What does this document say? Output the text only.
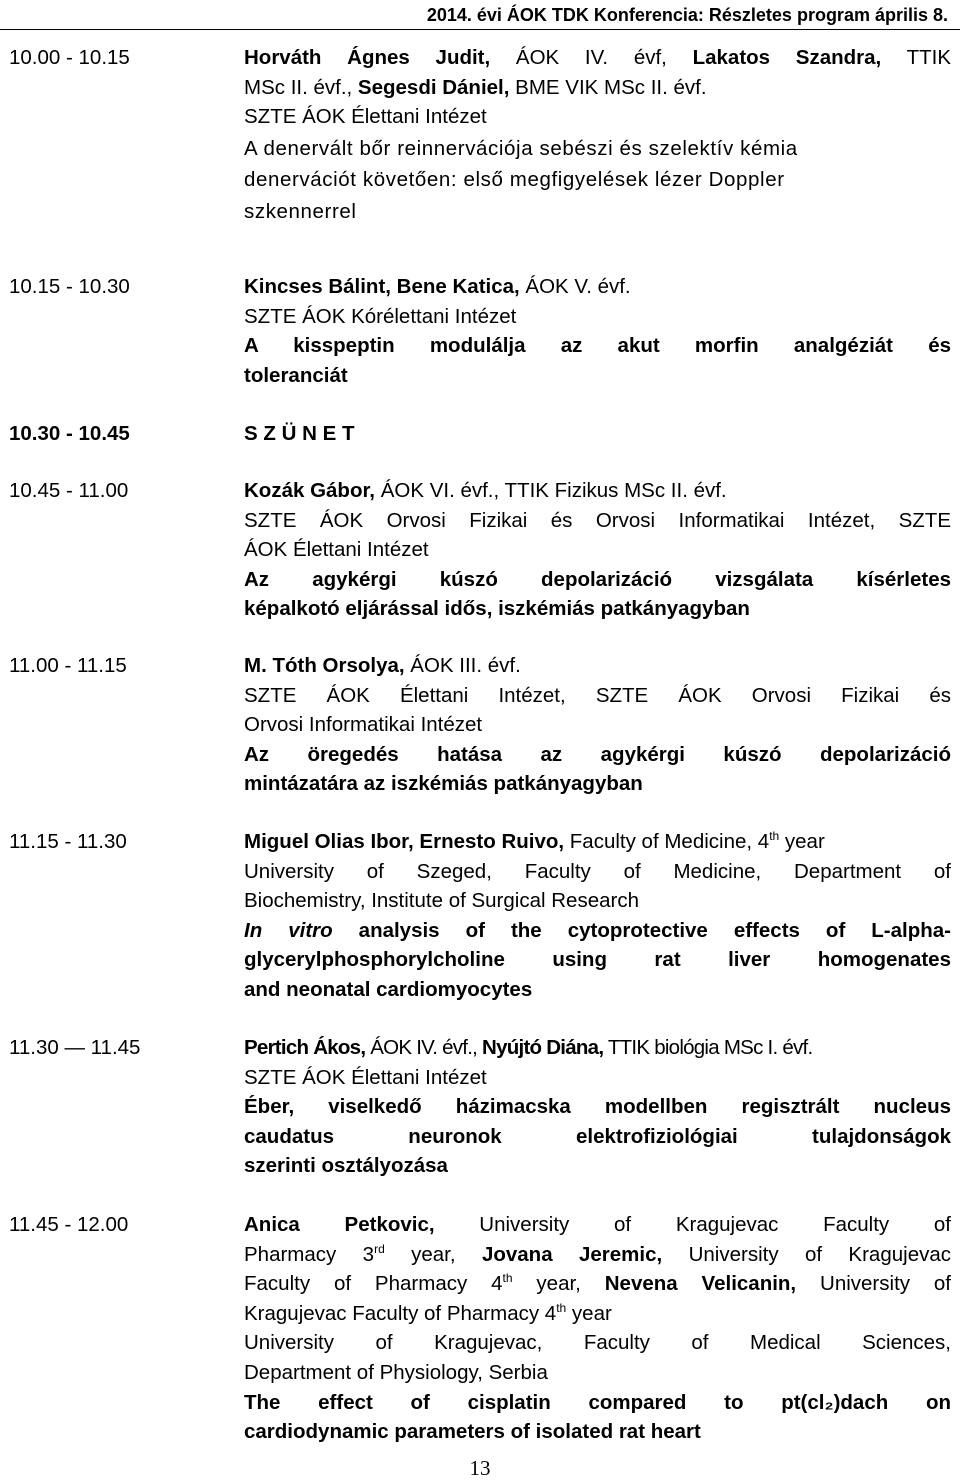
2014. évi ÁOK TDK Konferencia: Részletes program április 8.
10.00 - 10.15	Horváth Ágnes Judit, ÁOK IV. évf, Lakatos Szandra, TTIK
MSc II. évf., Segesdi Dániel, BME VIK MSc II. évf.
SZTE ÁOK Élettani Intézet
A denervált bőr reinnervációja sebészi és szelektív kémia
denervációt követően: első megfigyelések lézer Doppler
szkennerrel
10.15 - 10.30	Kincses Bálint, Bene Katica, ÁOK V. évf.
SZTE ÁOK Kórélettani Intézet
A kisspeptin modulálja az akut morfin analgéziát és
toleranciát
10.30 - 10.45	S Z Ü N E T
10.45 - 11.00	Kozák Gábor, ÁOK VI. évf., TTIK Fizikus MSc II. évf.
SZTE ÁOK Orvosi Fizikai és Orvosi Informatikai Intézet, SZTE
ÁOK Élettani Intézet
Az agykérgi kúszó depolarizáció vizsgálata kísérletes
képalkotó eljárással idős, iszkémiás patkányagyban
11.00 - 11.15	M. Tóth Orsolya, ÁOK III. évf.
SZTE ÁOK Élettani Intézet, SZTE ÁOK Orvosi Fizikai és
Orvosi Informatikai Intézet
Az öregedés hatása az agykérgi kúszó depolarizáció
mintázatára az iszkémiás patkányagyban
11.15 - 11.30	Miguel Olias Ibor, Ernesto Ruivo, Faculty of Medicine, 4th year
University of Szeged, Faculty of Medicine, Department of
Biochemistry, Institute of Surgical Research
In vitro analysis of the cytoprotective effects of L-alpha-
glycerylphosphorylcholine using rat liver homogenates
and neonatal cardiomyocytes
11.30 — 11.45	Pertich Ákos, ÁOK IV. évf., Nyújtó Diána, TTIK biológia MSc I. évf.
SZTE ÁOK Élettani Intézet
Éber, viselkedő házimacska modellben regisztrált nucleus
caudatus neuronok elektrofiziológiai tulajdonságok
szerinti osztályozása
11.45 - 12.00	Anica Petkovic, University of Kragujevac Faculty of
Pharmacy 3rd year, Jovana Jeremic, University of Kragujevac
Faculty of Pharmacy 4th year, Nevena Velicanin, University of
Kragujevac Faculty of Pharmacy 4th year
University of Kragujevac, Faculty of Medical Sciences,
Department of Physiology, Serbia
The effect of cisplatin compared to pt(cl₂)dach on
cardiodynamic parameters of isolated rat heart
13
